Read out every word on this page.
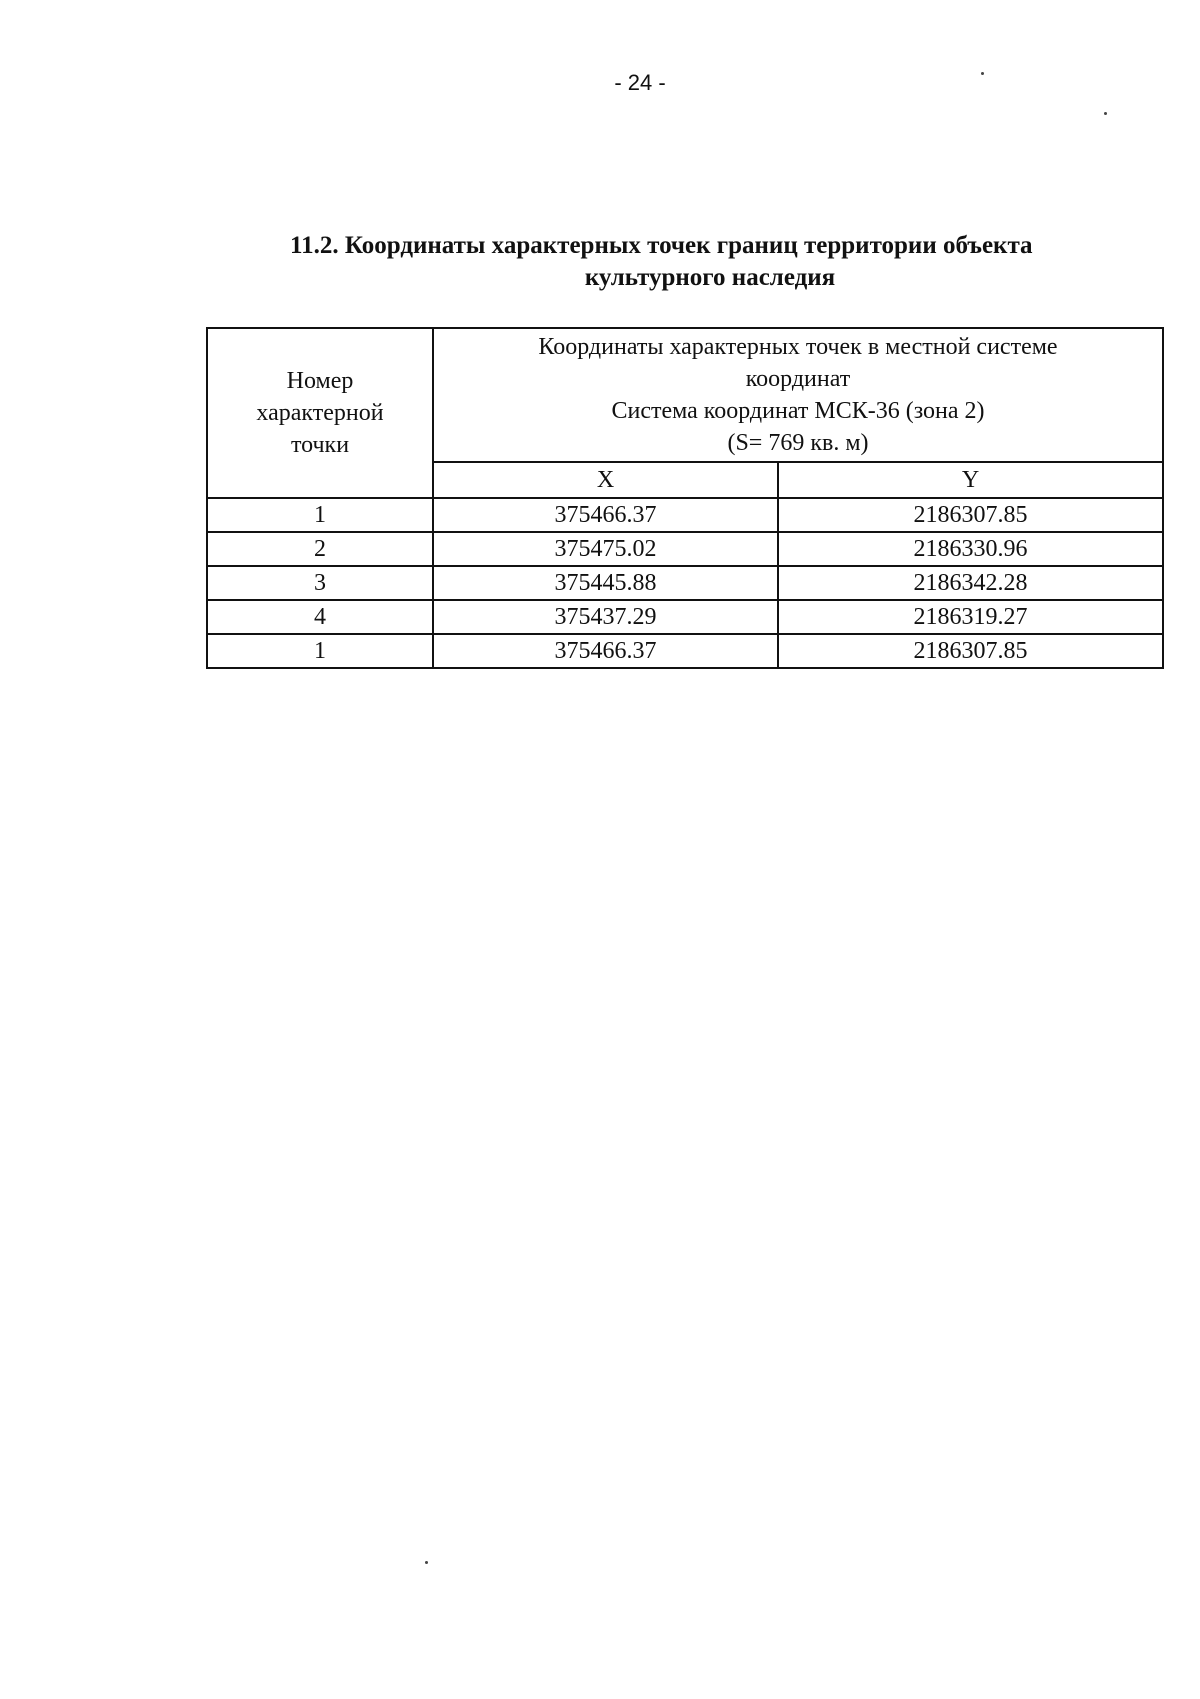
- 24 -
11.2. Координаты характерных точек границ территории объекта
культурного наследия
Номер
характерной
точки	Координаты характерных точек в местной системе
координат
Система координат МСК-36 (зона 2)
(S= 769 кв. м)	

	X	Y
1	375466.37	2186307.85
2	375475.02	2186330.96
3	375445.88	2186342.28
4	375437.29	2186319.27
1	375466.37	2186307.85
